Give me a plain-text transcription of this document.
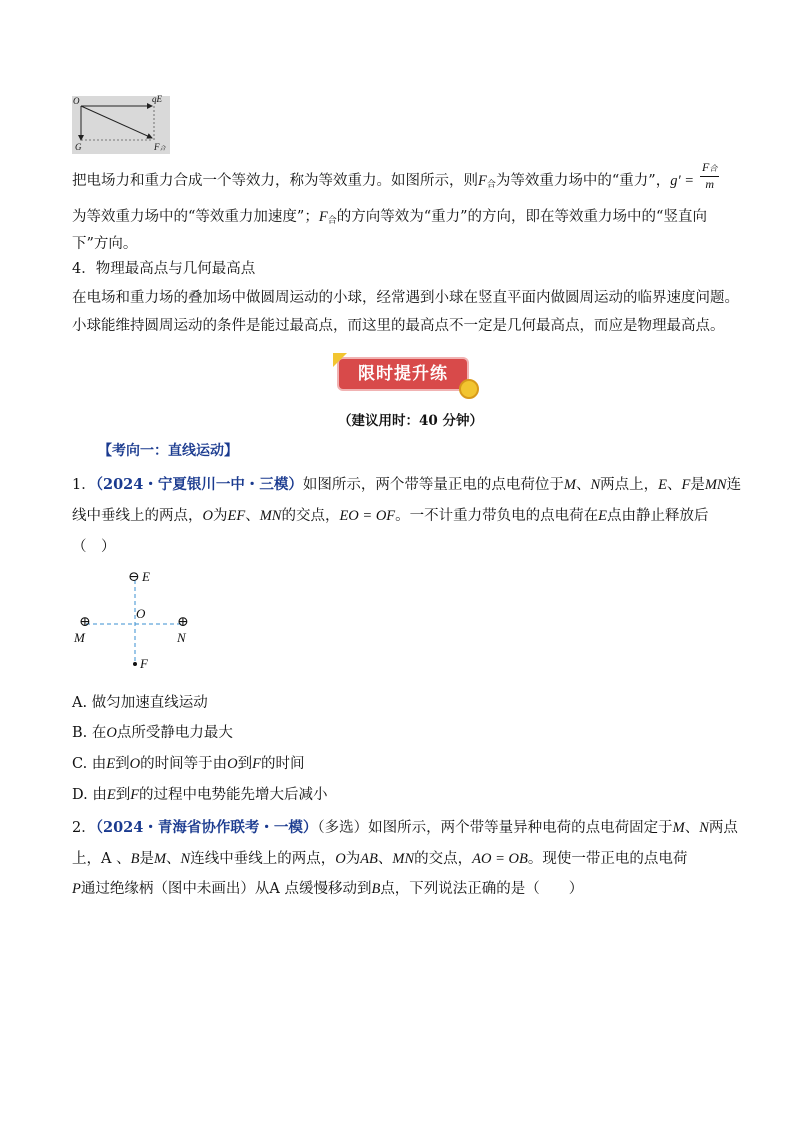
O	qE
G	F合
把电场力和重力合成一个等效力，称为等效重力。如图所示，则$F_合$为等效重力场中的“重力”，$g' = \frac{\text{F合}}{m}$
为等效重力场中的“等效重力加速度”；$F_合$的方向等效为“重力”的方向，即在等效重力场中的“竖直向
下”方向。
4．物理最高点与几何最高点
在电场和重力场的叠加场中做圆周运动的小球，经常遇到小球在竖直平面内做圆周运动的临界速度问题。
小球能维持圆周运动的条件是能过最高点，而这里的最高点不一定是几何最高点，而应是物理最高点。
限时提升练
（建议用时：40 分钟）
【考向一：直线运动】
1．（2024・宁夏银川一中・三模）如图所示，两个带等量正电的点电荷位于M、N两点上，E、F是MN连
线中垂线上的两点，O为EF、MN的交点，EO = OF。一不计重力带负电的点电荷在E点由静止释放后
（　）
⊖ E
O
⊕
M
⊕
N
F
A. 做匀加速直线运动
B. 在O点所受静电力最大
C. 由E到O的时间等于由O到F的时间
D. 由E到F的过程中电势能先增大后减小
2．（2024・青海省协作联考・一模）（多选）如图所示，两个带等量异种电荷的点电荷固定于M、N两点
上，A 、B是M、N连线中垂线上的两点，O为AB、MN的交点，AO = OB。现使一带正电的点电荷
P通过绝缘柄（图中未画出）从A 点缓慢移动到B点，下列说法正确的是（　　）
